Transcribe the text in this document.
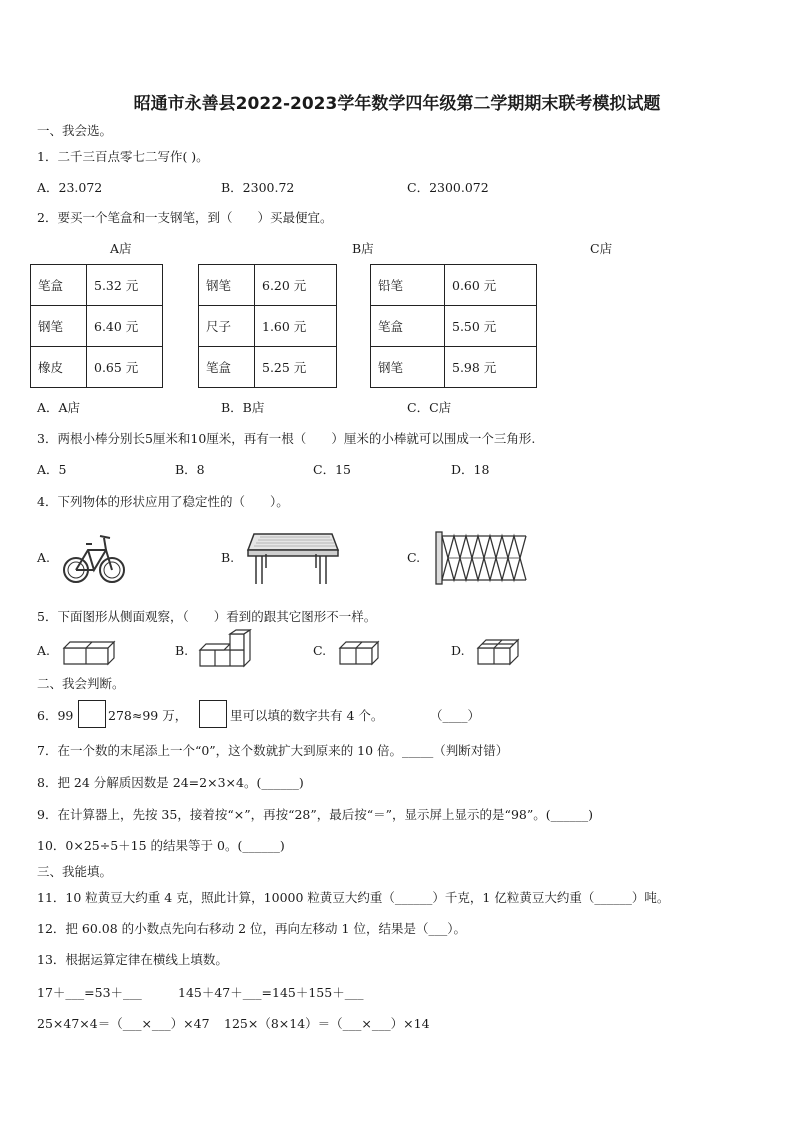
昭通市永善县2022-2023学年数学四年级第二学期期末联考模拟试题
一、我会选。
1．二千三百点零七二写作( )。
A．23.072	B．2300.72	C．2300.072
2．要买一个笔盒和一支钢笔，到（　　）买最便宜。
A店	B店	C店
笔盒	5.32 元
钢笔	6.40 元
橡皮	0.65 元
钢笔	6.20 元
尺子	1.60 元
笔盒	5.25 元
铅笔	0.60 元
笔盒	5.50 元
钢笔	5.98 元
A．A店	B．B店	C．C店
3．两根小棒分别长5厘米和10厘米，再有一根（　　）厘米的小棒就可以围成一个三角形.
A．5	B．8	C．15	D．18
4．下列物体的形状应用了稳定性的（　　）。
A.	B.	C.
5．下面图形从侧面观察，（　　）看到的跟其它图形不一样。
A.	B.	C.	D.
二、我会判断。
6．99	278≈99 万，	里可以填的数字共有 4 个。	（____）
7．在一个数的末尾添上一个“0”，这个数就扩大到原来的 10 倍。_____（判断对错）
8．把 24 分解质因数是 24=2×3×4。(______)
9．在计算器上，先按 35，接着按“×”，再按“28”，最后按“＝”，显示屏上显示的是“98”。(______)
10．0×25÷5＋15 的结果等于 0。(______)
三、我能填。
11．10 粒黄豆大约重 4 克，照此计算，10000 粒黄豆大约重（______）千克，1 亿粒黄豆大约重（______）吨。
12．把 60.08 的小数点先向右移动 2 位，再向左移动 1 位，结果是（___）。
13．根据运算定律在横线上填数。
17＋___=53＋___	145＋47＋___=145＋155＋___
25×47×4＝（___×___）×47 125×（8×14）＝（___×___）×14
